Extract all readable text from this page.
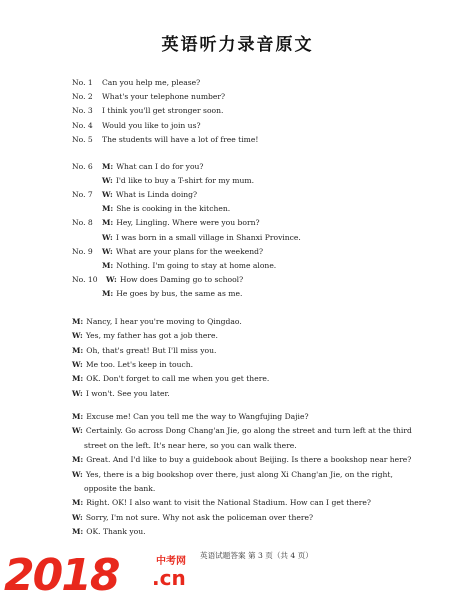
英语听力录音原文
No. 1 Can you help me, please?
No. 2 What's your telephone number?
No. 3 I think you'll get stronger soon.
No. 4 Would you like to join us?
No. 5 The students will have a lot of free time!
No. 6 M: What can I do for you?
W: I'd like to buy a T-shirt for my mum.
No. 7 W: What is Linda doing?
M: She is cooking in the kitchen.
No. 8 M: Hey, Lingling. Where were you born?
W: I was born in a small village in Shanxi Province.
No. 9 W: What are your plans for the weekend?
M: Nothing. I'm going to stay at home alone.
No. 10 W: How does Daming go to school?
M: He goes by bus, the same as me.
M: Nancy, I hear you're moving to Qingdao.
W: Yes, my father has got a job there.
M: Oh, that's great! But I'll miss you.
W: Me too. Let's keep in touch.
M: OK. Don't forget to call me when you get there.
W: I won't. See you later.
M: Excuse me! Can you tell me the way to Wangfujing Dajie?
W: Certainly. Go across Dong Chang'an Jie, go along the street and turn left at the third
street on the left. It's near here, so you can walk there.
M: Great. And I'd like to buy a guidebook about Beijing. Is there a bookshop near here?
W: Yes, there is a big bookshop over there, just along Xi Chang'an Jie, on the right,
opposite the bank.
M: Right. OK! I also want to visit the National Stadium. How can I get there?
W: Sorry, I'm not sure. Why not ask the policeman over there?
M: OK. Thank you.
2018	中考网
.cn
英语试题答案 第 3 页（共 4 页）
